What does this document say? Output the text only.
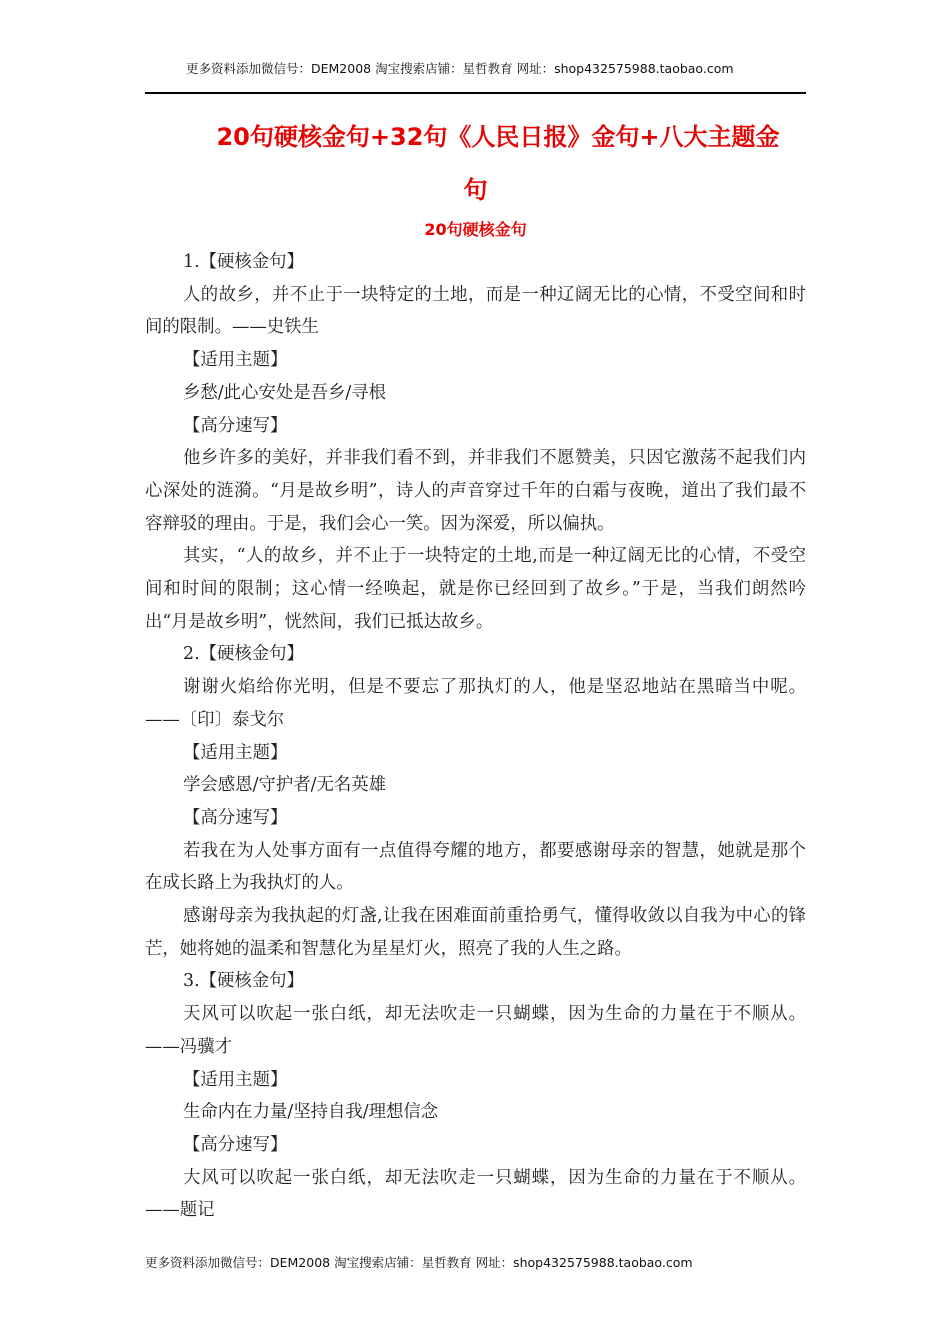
更多资料添加微信号：DEM2008 淘宝搜索店铺：星哲教育 网址：shop432575988.taobao.com
20句硬核金句+32句《人民日报》金句+八大主题金
句
20句硬核金句

1.【硬核金句】

人的故乡，并不止于一块特定的土地，而是一种辽阔无比的心情，不受空间和时间的限制。——史铁生

【适用主题】

乡愁/此心安处是吾乡/寻根

【高分速写】

他乡许多的美好，并非我们看不到，并非我们不愿赞美，只因它激荡不起我们内心深处的涟漪。“月是故乡明”，诗人的声音穿过千年的白霜与夜晚，道出了我们最不容辩驳的理由。于是，我们会心一笑。因为深爱，所以偏执。

其实，“人的故乡，并不止于一块特定的土地,而是一种辽阔无比的心情，不受空间和时间的限制；这心情一经唤起，就是你已经回到了故乡。”于是，当我们朗然吟出“月是故乡明”，恍然间，我们已抵达故乡。

2.【硬核金句】

谢谢火焰给你光明，但是不要忘了那执灯的人，他是坚忍地站在黑暗当中呢。——〔印〕泰戈尔

【适用主题】

学会感恩/守护者/无名英雄

【高分速写】

若我在为人处事方面有一点值得夸耀的地方，都要感谢母亲的智慧，她就是那个在成长路上为我执灯的人。

感谢母亲为我执起的灯盏,让我在困难面前重拾勇气，懂得收敛以自我为中心的锋芒，她将她的温柔和智慧化为星星灯火，照亮了我的人生之路。

3.【硬核金句】

天风可以吹起一张白纸，却无法吹走一只蝴蝶，因为生命的力量在于不顺从。——冯骥才

【适用主题】

生命内在力量/坚持自我/理想信念

【高分速写】

大风可以吹起一张白纸，却无法吹走一只蝴蝶，因为生命的力量在于不顺从。——题记

更多资料添加微信号：DEM2008 淘宝搜索店铺：星哲教育 网址：shop432575988.taobao.com
